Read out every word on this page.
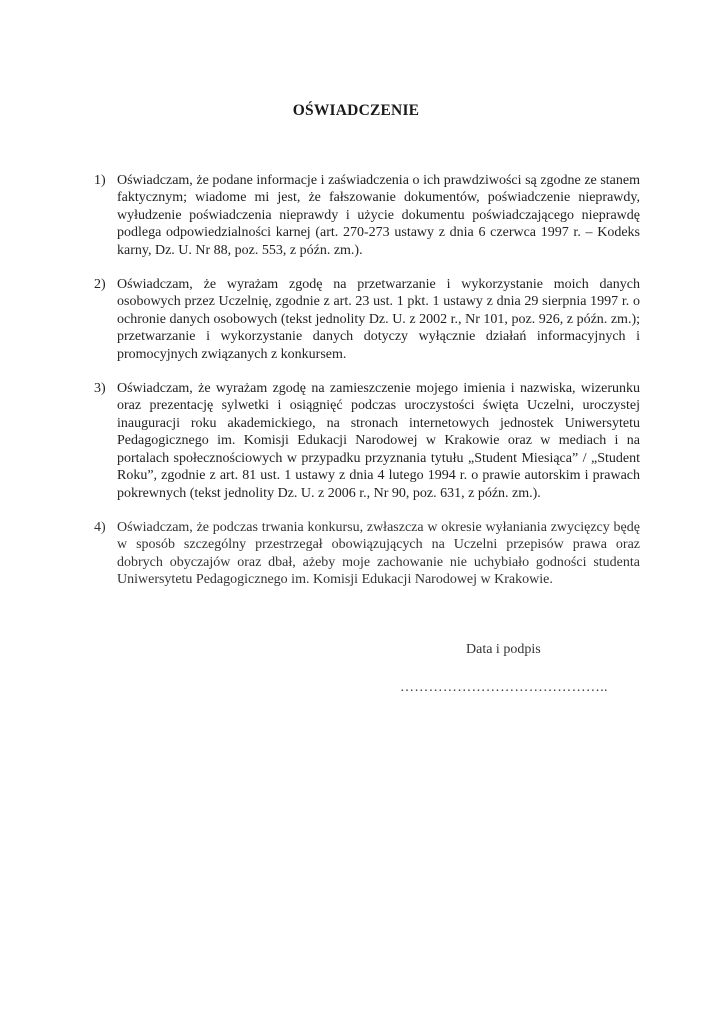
OŚWIADCZENIE
1) Oświadczam, że podane informacje i zaświadczenia o ich prawdziwości są zgodne ze stanem faktycznym; wiadome mi jest, że fałszowanie dokumentów, poświadczenie nieprawdy, wyłudzenie poświadczenia nieprawdy i użycie dokumentu poświadczającego nieprawdę podlega odpowiedzialności karnej (art. 270-273 ustawy z dnia 6 czerwca 1997 r. – Kodeks karny, Dz. U. Nr 88, poz. 553, z późn. zm.).
2) Oświadczam, że wyrażam zgodę na przetwarzanie i wykorzystanie moich danych osobowych przez Uczelnię, zgodnie z art. 23 ust. 1 pkt. 1 ustawy z dnia 29 sierpnia 1997 r. o ochronie danych osobowych (tekst jednolity Dz. U. z 2002 r., Nr 101, poz. 926, z późn. zm.); przetwarzanie i wykorzystanie danych dotyczy wyłącznie działań informacyjnych i promocyjnych związanych z konkursem.
3) Oświadczam, że wyrażam zgodę na zamieszczenie mojego imienia i nazwiska, wizerunku oraz prezentację sylwetki i osiągnięć podczas uroczystości święta Uczelni, uroczystej inauguracji roku akademickiego, na stronach internetowych jednostek Uniwersytetu Pedagogicznego im. Komisji Edukacji Narodowej w Krakowie oraz w mediach i na portalach społecznościowych w przypadku przyznania tytułu „Student Miesiąca” / „Student Roku”, zgodnie z art. 81 ust. 1 ustawy z dnia 4 lutego 1994 r. o prawie autorskim i prawach pokrewnych (tekst jednolity Dz. U. z 2006 r., Nr 90, poz. 631, z późn. zm.).
4) Oświadczam, że podczas trwania konkursu, zwłaszcza w okresie wyłaniania zwycięzcy będę w sposób szczególny przestrzegał obowiązujących na Uczelni przepisów prawa oraz dobrych obyczajów oraz dbał, ażeby moje zachowanie nie uchybiało godności studenta Uniwersytetu Pedagogicznego im. Komisji Edukacji Narodowej w Krakowie.
Data i podpis
……………………………………..
